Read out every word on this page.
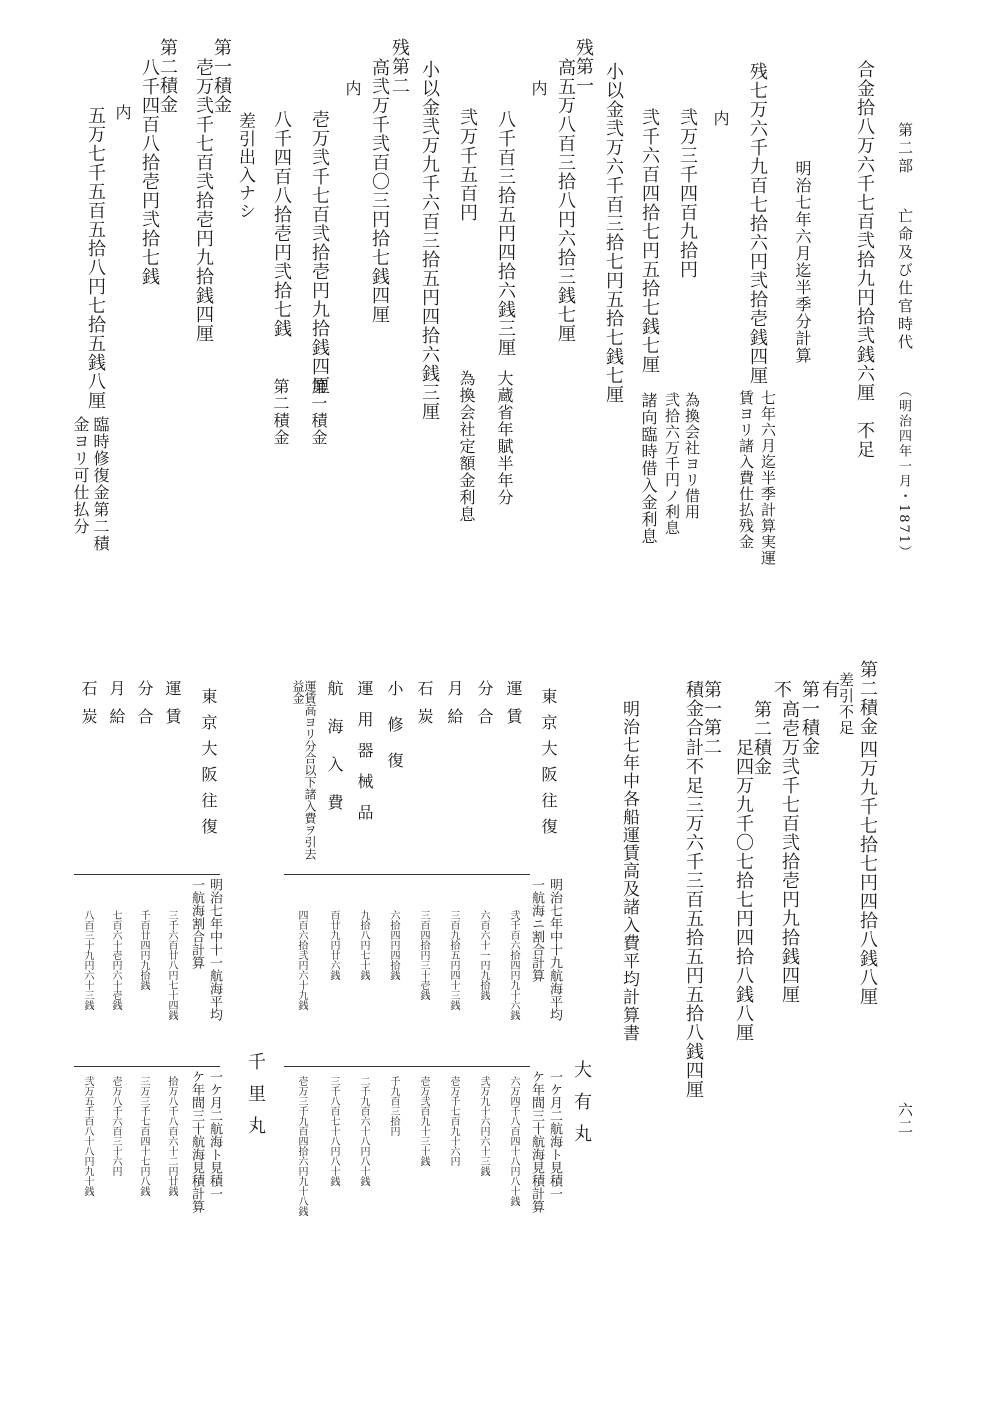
第二部
亡命及び仕官時代
（明治四年一月・1871）
六二
合金拾八万六千七百弐拾九円拾弐銭六厘　不足
明治七年六月迄半季分計算
残七万六千九百七拾六円弐拾壱銭四厘
七年六月迄半季計算実運
賃ヨリ諸入費仕払残金
内
弐万三千四百九拾円
為換会社ヨリ借用
弐拾六万千円ノ利息
弐千六百四拾七円五拾七銭七厘
諸向臨時借入金利息
小以金弐万六千百三拾七円五拾七銭七厘
残第一
高五万八百三拾八円六拾三銭七厘
内
八千百三拾五円四拾六銭三厘
大蔵省年賦半年分
弐万千五百円
為換会社定額金利息
小以金弐万九千六百三拾五円四拾六銭三厘
残第二
高弐万千弐百〇三円拾七銭四厘
内
壱万弐千七百弐拾壱円九拾銭四厘
第一積金
八千四百八拾壱円弐拾七銭
第二積金
差引出入ナシ
第一積金
壱万弐千七百弐拾壱円九拾銭四厘
第二積金
八千四百八拾壱円弐拾七銭
内
五万七千五百五拾八円七拾五銭八厘
臨時修復金第二積
金ヨリ可仕払分
第二積金
四万九千七拾七円四拾八銭八厘
差引不足
第一積金
高壱万弐千七百弐拾壱円九拾銭四厘
有
第二積金
足四万九千〇七拾七円四拾八銭八厘
不
第一第二
計不足三万六千三百五拾五円五拾八銭四厘
積金合
明治七年中各船運賃高及諸入費平均計算書
大有丸
東京大阪往復
明治七年中十九航海平均
一航海ニ割合計算
一ケ月二航海ト見積一
ケ年間三十航海見積計算
運賃
弐千百六拾四円九十六銭
六万四千八百四十八円八十銭
分合
六百六十一円九拾銭
弐万九十六円六十三銭
月給
三百九拾五円四十三銭
壱万千七百九十六円
石炭
三百四拾円三十壱銭
壱万弐百九十三十銭
小修復
六拾四円四拾銭
千九百三拾円
運用器械品
九拾八円七十銭
二千九百六十八円八十銭
航海入費
百廿九円廿六銭
三千八百七十八円八十銭
運賃高ヨリ分合以下諸入費ヲ引去益金
四百六拾弐円六十九銭
壱万三千九百四拾六円九十八銭
千里丸
東京大阪往復
明治七年中十一航海平均
一航海割合計算
一ケ月二航海ト見積一
ケ年間三十航海見積計算
運賃
三千六百廿八円七十四銭
拾万八千八百六十二円廿銭
分合
千百廿四円九拾銭
三万三千七百四十七円八銭
月給
七百六十壱円六十壱銭
壱万八千六百三十六円
石炭
八百三十九円六十三銭
弐万五千百八十八円九十銭
